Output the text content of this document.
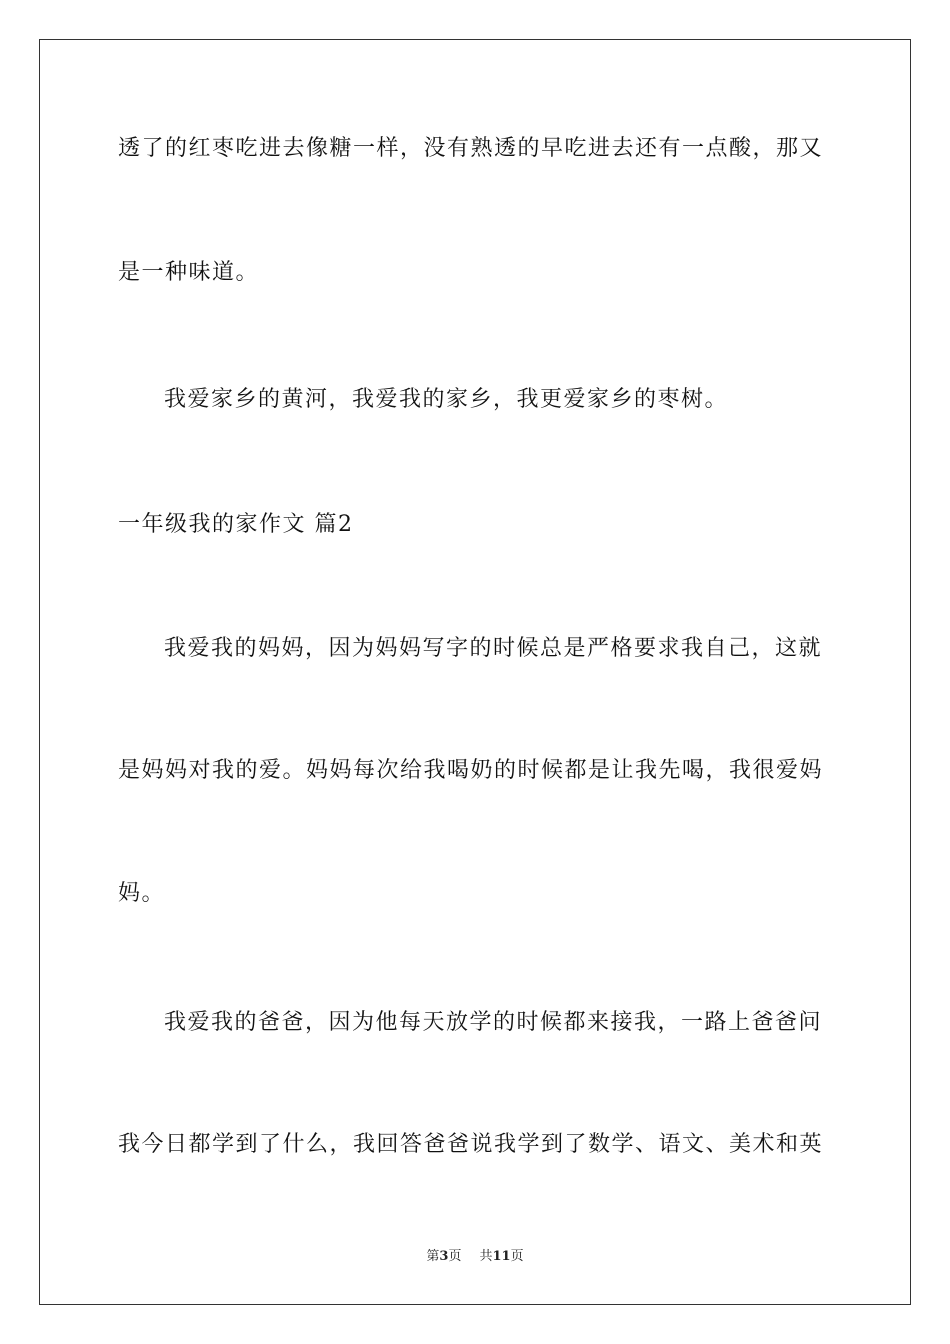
透了的红枣吃进去像糖一样，没有熟透的早吃进去还有一点酸，那又
是一种味道。
我爱家乡的黄河，我爱我的家乡，我更爱家乡的枣树。
一年级我的家作文 篇2
我爱我的妈妈，因为妈妈写字的时候总是严格要求我自己，这就
是妈妈对我的爱。妈妈每次给我喝奶的时候都是让我先喝，我很爱妈
妈。
我爱我的爸爸，因为他每天放学的时候都来接我，一路上爸爸问
我今日都学到了什么，我回答爸爸说我学到了数学、语文、美术和英
第3页 共11页
